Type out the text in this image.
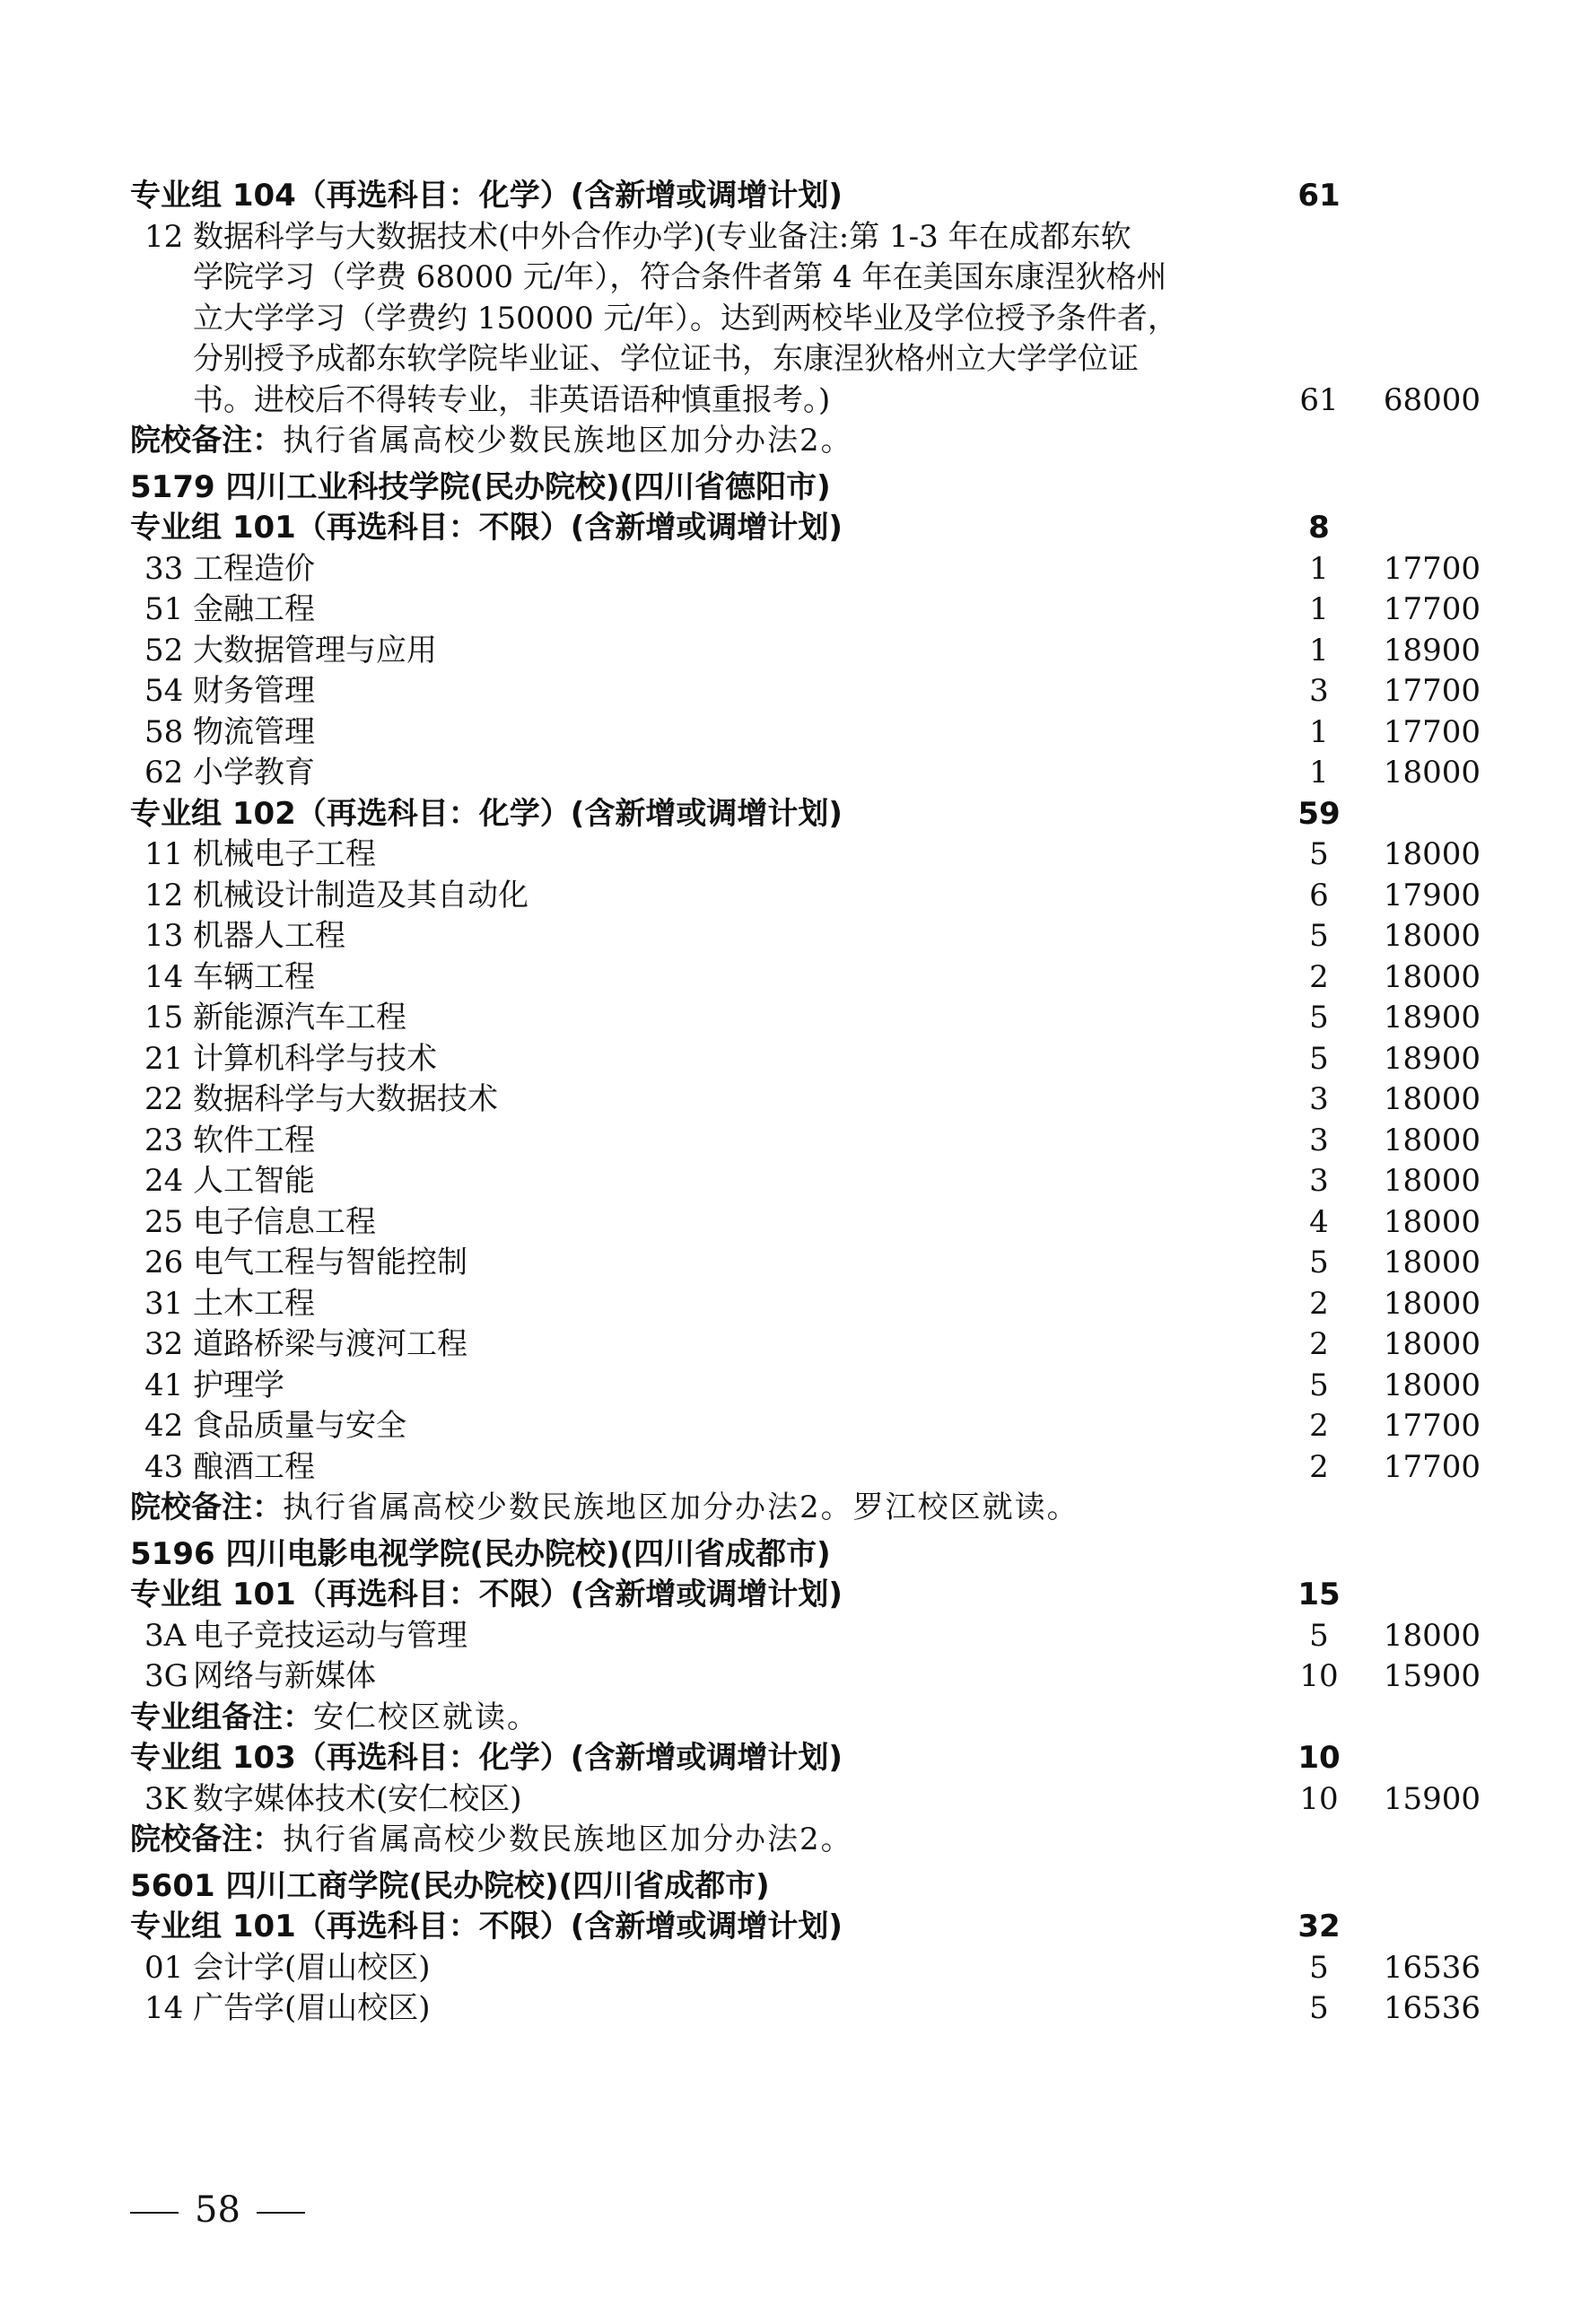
专业组 104（再选科目：化学）(含新增或调增计划)	61
12 数据科学与大数据技术(中外合作办学)(专业备注:第 1-3 年在成都东软
学院学习（学费 68000 元/年），符合条件者第 4 年在美国东康涅狄格州
立大学学习（学费约 150000 元/年）。达到两校毕业及学位授予条件者，
分别授予成都东软学院毕业证、学位证书，东康涅狄格州立大学学位证
书。进校后不得转专业，非英语语种慎重报考。)	61	68000
院校备注：执行省属高校少数民族地区加分办法2。
5179 四川工业科技学院(民办院校)(四川省德阳市)
专业组 101（再选科目：不限）(含新增或调增计划)	8
33 工程造价	1	17700
51 金融工程	1	17700
52 大数据管理与应用	1	18900
54 财务管理	3	17700
58 物流管理	1	17700
62 小学教育	1	18000
专业组 102（再选科目：化学）(含新增或调增计划)	59
11 机械电子工程	5	18000
12 机械设计制造及其自动化	6	17900
13 机器人工程	5	18000
14 车辆工程	2	18000
15 新能源汽车工程	5	18900
21 计算机科学与技术	5	18900
22 数据科学与大数据技术	3	18000
23 软件工程	3	18000
24 人工智能	3	18000
25 电子信息工程	4	18000
26 电气工程与智能控制	5	18000
31 土木工程	2	18000
32 道路桥梁与渡河工程	2	18000
41 护理学	5	18000
42 食品质量与安全	2	17700
43 酿酒工程	2	17700
院校备注：执行省属高校少数民族地区加分办法2。罗江校区就读。
5196 四川电影电视学院(民办院校)(四川省成都市)
专业组 101（再选科目：不限）(含新增或调增计划)	15
3A 电子竞技运动与管理	5	18000
3G 网络与新媒体	10	15900
专业组备注：安仁校区就读。
专业组 103（再选科目：化学）(含新增或调增计划)	10
3K 数字媒体技术(安仁校区)	10	15900
院校备注：执行省属高校少数民族地区加分办法2。
5601 四川工商学院(民办院校)(四川省成都市)
专业组 101（再选科目：不限）(含新增或调增计划)	32
01 会计学(眉山校区)	5	16536
14 广告学(眉山校区)	5	16536
58
